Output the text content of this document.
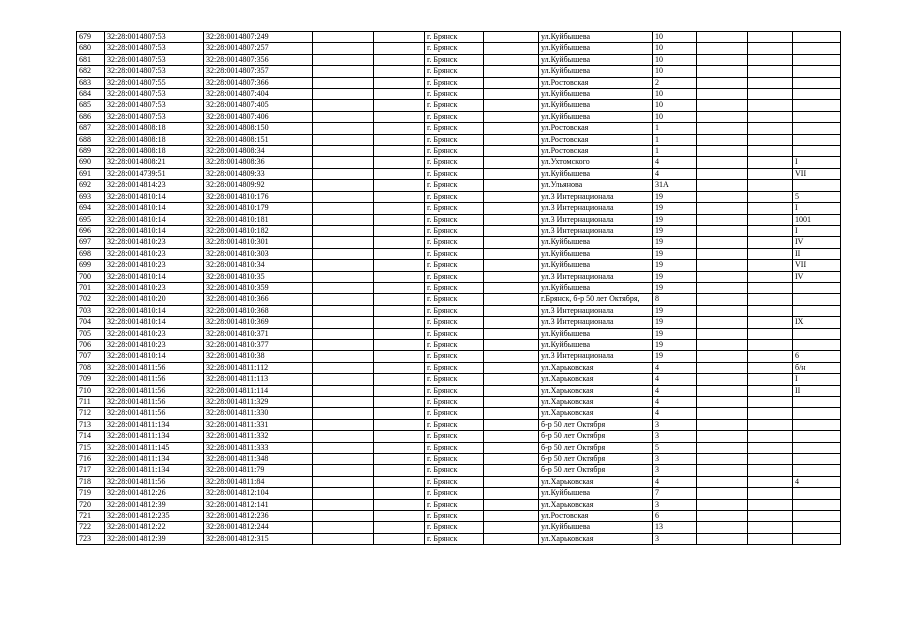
679	32:28:0014807:53	32:28:0014807:249			г. Брянск		ул.Куйбышева	10			
680	32:28:0014807:53	32:28:0014807:257			г. Брянск		ул.Куйбышева	10			
681	32:28:0014807:53	32:28:0014807:356			г. Брянск		ул.Куйбышева	10			
682	32:28:0014807:53	32:28:0014807:357			г. Брянск		ул.Куйбышева	10			
683	32:28:0014807:55	32:28:0014807:366			г. Брянск		ул.Ростовская	2			
684	32:28:0014807:53	32:28:0014807:404			г. Брянск		ул.Куйбышева	10			
685	32:28:0014807:53	32:28:0014807:405			г. Брянск		ул.Куйбышева	10			
686	32:28:0014807:53	32:28:0014807:406			г. Брянск		ул.Куйбышева	10			
687	32:28:0014808:18	32:28:0014808:150			г. Брянск		ул.Ростовская	1			
688	32:28:0014808:18	32:28:0014808:151			г. Брянск		ул.Ростовская	1			
689	32:28:0014808:18	32:28:0014808:34			г. Брянск		ул.Ростовская	1			
690	32:28:0014808:21	32:28:0014808:36			г. Брянск		ул.Ухтомского	4			I
691	32:28:0014739:51	32:28:0014809:33			г. Брянск		ул.Куйбышева	4			VII
692	32:28:0014814:23	32:28:0014809:92			г. Брянск		ул.Ульянова	31А			
693	32:28:0014810:14	32:28:0014810:176			г. Брянск		ул.3 Интернационала	19			5
694	32:28:0014810:14	32:28:0014810:179			г. Брянск		ул.3 Интернационала	19			I
695	32:28:0014810:14	32:28:0014810:181			г. Брянск		ул.3 Интернационала	19			1001
696	32:28:0014810:14	32:28:0014810:182			г. Брянск		ул.3 Интернационала	19			I
697	32:28:0014810:23	32:28:0014810:301			г. Брянск		ул.Куйбышева	19			IV
698	32:28:0014810:23	32:28:0014810:303			г. Брянск		ул.Куйбышева	19			II
699	32:28:0014810:23	32:28:0014810:34			г. Брянск		ул.Куйбышева	19			VII
700	32:28:0014810:14	32:28:0014810:35			г. Брянск		ул.3 Интернационала	19			IV
701	32:28:0014810:23	32:28:0014810:359			г. Брянск		ул.Куйбышева	19			
702	32:28:0014810:20	32:28:0014810:366			г. Брянск		г.Брянск, б-р 50 лет Октября,	8			
703	32:28:0014810:14	32:28:0014810:368			г. Брянск		ул.3 Интернационала	19			
704	32:28:0014810:14	32:28:0014810:369			г. Брянск		ул.3 Интернационала	19			IX
705	32:28:0014810:23	32:28:0014810:371			г. Брянск		ул.Куйбышева	19			
706	32:28:0014810:23	32:28:0014810:377			г. Брянск		ул.Куйбышева	19			
707	32:28:0014810:14	32:28:0014810:38			г. Брянск		ул.3 Интернационала	19			6
708	32:28:0014811:56	32:28:0014811:112			г. Брянск		ул.Харьковская	4			б/н
709	32:28:0014811:56	32:28:0014811:113			г. Брянск		ул.Харьковская	4			I
710	32:28:0014811:56	32:28:0014811:114			г. Брянск		ул.Харьковская	4			II
711	32:28:0014811:56	32:28:0014811:329			г. Брянск		ул.Харьковская	4			
712	32:28:0014811:56	32:28:0014811:330			г. Брянск		ул.Харьковская	4			
713	32:28:0014811:134	32:28:0014811:331			г. Брянск		б-р 50 лет Октября	3			
714	32:28:0014811:134	32:28:0014811:332			г. Брянск		б-р 50 лет Октября	3			
715	32:28:0014811:145	32:28:0014811:333			г. Брянск		б-р 50 лет Октября	5			
716	32:28:0014811:134	32:28:0014811:348			г. Брянск		б-р 50 лет Октября	3			
717	32:28:0014811:134	32:28:0014811:79			г. Брянск		б-р 50 лет Октября	3			
718	32:28:0014811:56	32:28:0014811:84			г. Брянск		ул.Харьковская	4			4
719	32:28:0014812:26	32:28:0014812:104			г. Брянск		ул.Куйбышева	7			
720	32:28:0014812:39	32:28:0014812:141			г. Брянск		ул.Харьковская	3			
721	32:28:0014812:235	32:28:0014812:236			г. Брянск		ул.Ростовская	6			
722	32:28:0014812:22	32:28:0014812:244			г. Брянск		ул.Куйбышева	13			
723	32:28:0014812:39	32:28:0014812:315			г. Брянск		ул.Харьковская	3			
